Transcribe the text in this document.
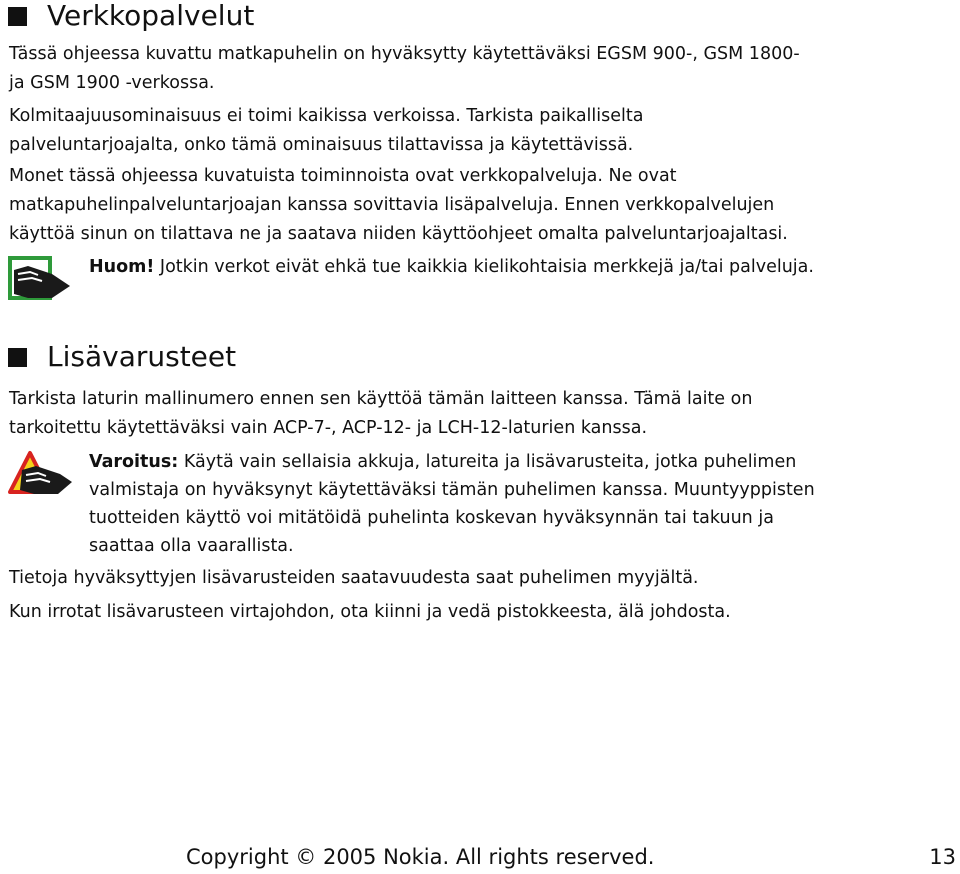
Verkkopalvelut
Tässä ohjeessa kuvattu matkapuhelin on hyväksytty käytettäväksi EGSM 900-, GSM 1800-
ja GSM 1900 -verkossa.
Kolmitaajuusominaisuus ei toimi kaikissa verkoissa. Tarkista paikalliselta
palveluntarjoajalta, onko tämä ominaisuus tilattavissa ja käytettävissä.
Monet tässä ohjeessa kuvatuista toiminnoista ovat verkkopalveluja. Ne ovat
matkapuhelinpalveluntarjoajan kanssa sovittavia lisäpalveluja. Ennen verkkopalvelujen
käyttöä sinun on tilattava ne ja saatava niiden käyttöohjeet omalta palveluntarjoajaltasi.
Huom! Jotkin verkot eivät ehkä tue kaikkia kielikohtaisia merkkejä ja/tai palveluja.
Lisävarusteet
Tarkista laturin mallinumero ennen sen käyttöä tämän laitteen kanssa. Tämä laite on
tarkoitettu käytettäväksi vain ACP-7-, ACP-12- ja LCH-12-laturien kanssa.
Varoitus: Käytä vain sellaisia akkuja, latureita ja lisävarusteita, jotka puhelimen
valmistaja on hyväksynyt käytettäväksi tämän puhelimen kanssa. Muuntyyppisten
tuotteiden käyttö voi mitätöidä puhelinta koskevan hyväksynnän tai takuun ja
saattaa olla vaarallista.
Tietoja hyväksyttyjen lisävarusteiden saatavuudesta saat puhelimen myyjältä.
Kun irrotat lisävarusteen virtajohdon, ota kiinni ja vedä pistokkeesta, älä johdosta.
Copyright © 2005 Nokia. All rights reserved.	13
